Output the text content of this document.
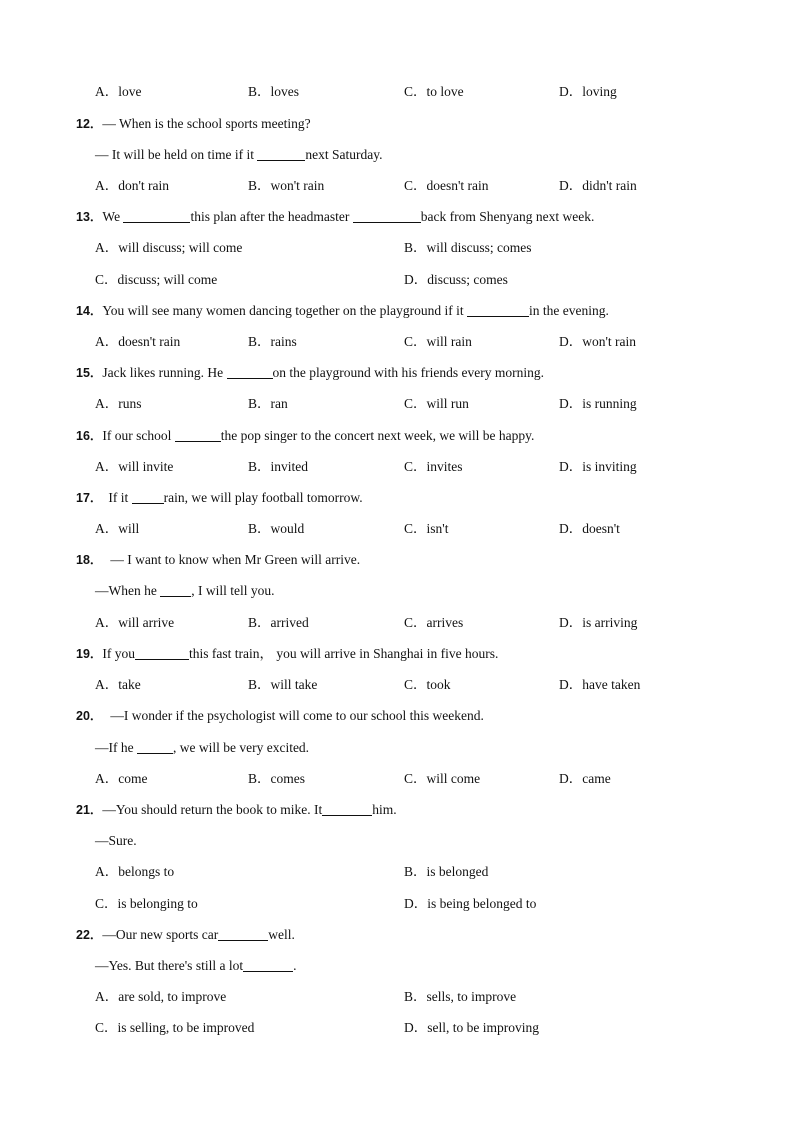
A．love	B．loves	C．to love	D．loving
12．— When is the school sports meeting?
— It will be held on time if it	next Saturday.
A．don't rain	B．won't rain	C．doesn't rain	D．didn't rain
13．We	this plan after the headmaster	back from Shenyang next week.
A．will discuss; will come	B．will discuss; comes
C．discuss; will come	D．discuss; comes
14．You will see many women dancing together on the playground if it	in the evening.
A．doesn't rain	B．rains	C．will rain	D．won't rain
15．Jack likes running. He	on the playground with his friends every morning.
A．runs	B．ran	C．will run	D．is running
16．If our school	the pop singer to the concert next week, we will be happy.
A．will invite	B．invited	C．invites	D．is inviting
17． If it rain, we will play football tomorrow.
A．will	B．would	C．isn't	D．doesn't
18． — I want to know when Mr Green will arrive.
—When he , I will tell you.
A．will arrive	B．arrived	C．arrives	D．is arriving
19．If you	this fast train， you will arrive in Shanghai in five hours.
A．take	B．will take	C．took	D．have taken
20． —I wonder if the psychologist will come to our school this weekend.
—If he	, we will be very excited.
A．come	B．comes	C．will come	D．came
21．—You should return the book to mike. It	him.
—Sure.
A．belongs to	B．is belonged
C．is belonging to	D．is being belonged to
22．—Our new sports car	well.
—Yes. But there's still a lot	.
A．are sold, to improve	B．sells, to improve
C．is selling, to be improved	D．sell, to be improving
